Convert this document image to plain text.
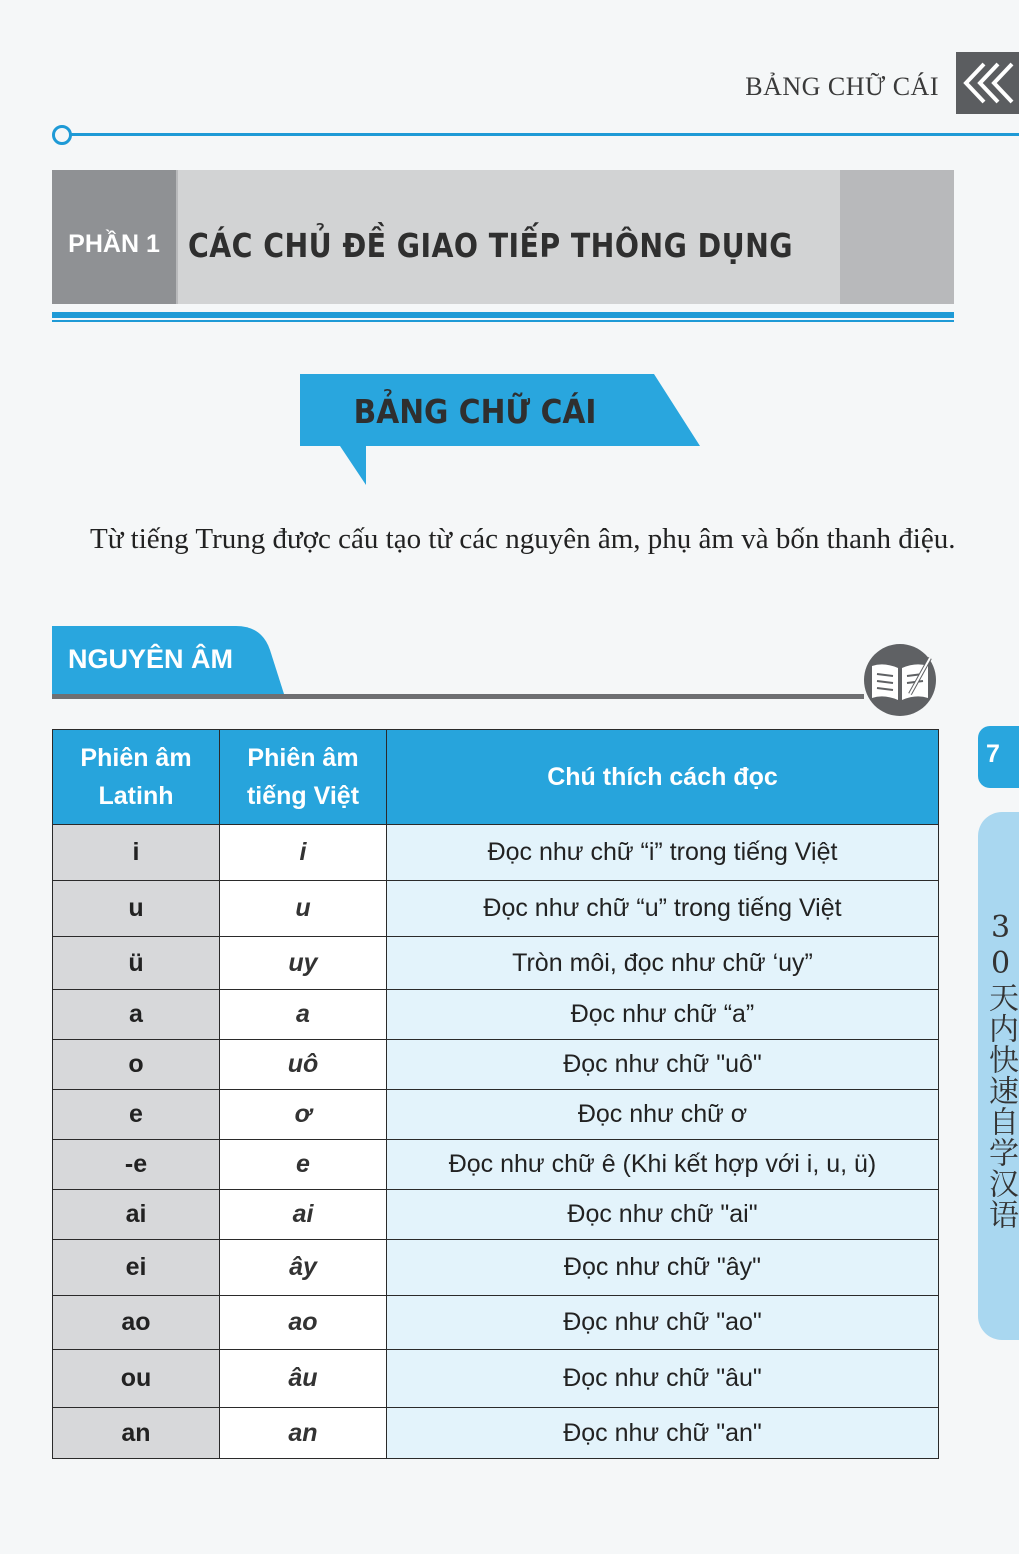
BẢNG CHỮ CÁI
PHẦN 1 CÁC CHỦ ĐỀ GIAO TIẾP THÔNG DỤNG
BẢNG CHỮ CÁI
Từ tiếng Trung được cấu tạo từ các nguyên âm, phụ âm và bốn thanh điệu.
NGUYÊN ÂM
Phiên âm Latinh	Phiên âm tiếng Việt	Chú thích cách đọc
i	i	Đọc như chữ “i” trong tiếng Việt
u	u	Đọc như chữ “u” trong tiếng Việt
ü	uy	Tròn môi, đọc như chữ ‘uy”
a	a	Đọc như chữ “a”
o	uô	Đọc như chữ "uô"
e	ơ	Đọc như chữ ơ
-e	e	Đọc như chữ ê (Khi kết hợp với i, u, ü)
ai	ai	Đọc như chữ "ai"
ei	ây	Đọc như chữ "ây"
ao	ao	Đọc như chữ "ao"
ou	âu	Đọc như chữ "âu"
an	an	Đọc như chữ "an"
7
30天内快速自学汉语
